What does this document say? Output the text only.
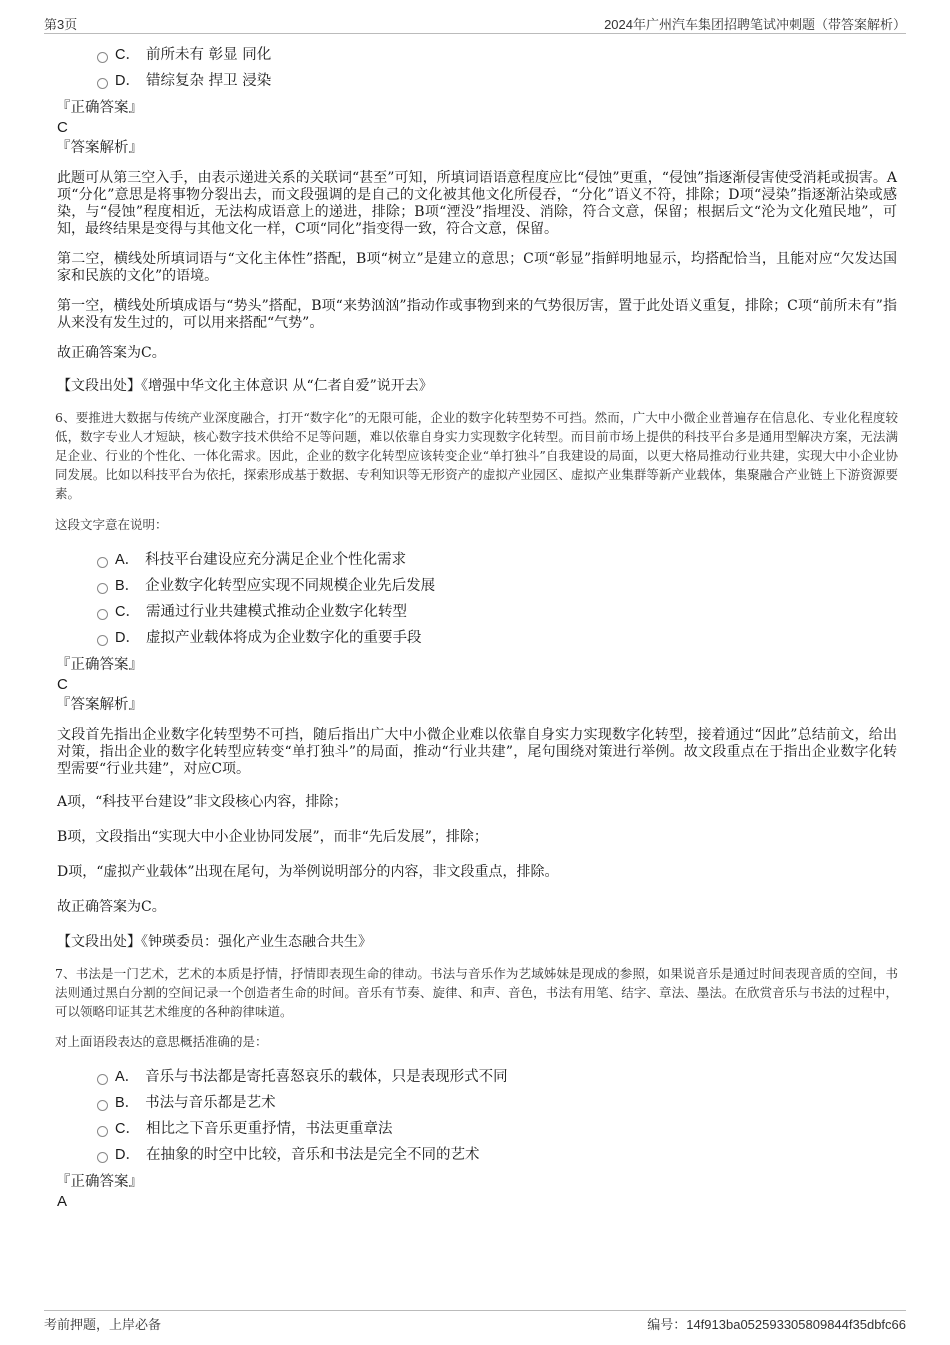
第3页	2024年广州汽车集团招聘笔试冲刺题（带答案解析）
C． 前所未有 彰显 同化
D． 错综复杂 捍卫 浸染
『正确答案』
C
『答案解析』
此题可从第三空入手，由表示递进关系的关联词“甚至”可知，所填词语语意程度应比“侵蚀”更重，“侵蚀”指逐渐侵害使受消耗或损害。A项“分化”意思是将事物分裂出去，而文段强调的是自己的文化被其他文化所侵吞，“分化”语义不符，排除；D项“浸染”指逐渐沾染或感染，与“侵蚀”程度相近，无法构成语意上的递进，排除；B项“湮没”指埋没、消除，符合文意，保留；根据后文“沦为文化殖民地”，可知，最终结果是变得与其他文化一样，C项“同化”指变得一致，符合文意，保留。
第二空，横线处所填词语与“文化主体性”搭配，B项“树立”是建立的意思；C项“彰显”指鲜明地显示，均搭配恰当，且能对应“欠发达国家和民族的文化”的语境。
第一空，横线处所填成语与“势头”搭配，B项“来势汹汹”指动作或事物到来的气势很厉害，置于此处语义重复，排除；C项“前所未有”指从来没有发生过的，可以用来搭配“气势”。
故正确答案为C。
【文段出处】《增强中华文化主体意识 从“仁者自爱”说开去》
6、要推进大数据与传统产业深度融合，打开“数字化”的无限可能，企业的数字化转型势不可挡。然而，广大中小微企业普遍存在信息化、专业化程度较低，数字专业人才短缺，核心数字技术供给不足等问题，难以依靠自身实力实现数字化转型。而目前市场上提供的科技平台多是通用型解决方案，无法满足企业、行业的个性化、一体化需求。因此，企业的数字化转型应该转变企业“单打独斗”自我建设的局面，以更大格局推动行业共建，实现大中小企业协同发展。比如以科技平台为依托，探索形成基于数据、专利知识等无形资产的虚拟产业园区、虚拟产业集群等新产业载体，集聚融合产业链上下游资源要素。
这段文字意在说明：
A． 科技平台建设应充分满足企业个性化需求
B． 企业数字化转型应实现不同规模企业先后发展
C． 需通过行业共建模式推动企业数字化转型
D． 虚拟产业载体将成为企业数字化的重要手段
『正确答案』
C
『答案解析』
文段首先指出企业数字化转型势不可挡，随后指出广大中小微企业难以依靠自身实力实现数字化转型，接着通过“因此”总结前文，给出对策，指出企业的数字化转型应转变“单打独斗”的局面，推动“行业共建”，尾句围绕对策进行举例。故文段重点在于指出企业数字化转型需要“行业共建”，对应C项。
A项，“科技平台建设”非文段核心内容，排除；
B项，文段指出“实现大中小企业协同发展”，而非“先后发展”，排除；
D项，“虚拟产业载体”出现在尾句，为举例说明部分的内容，非文段重点，排除。
故正确答案为C。
【文段出处】《钟瑛委员：强化产业生态融合共生》
7、书法是一门艺术，艺术的本质是抒情，抒情即表现生命的律动。书法与音乐作为艺域姊妹是现成的参照，如果说音乐是通过时间表现音质的空间，书法则通过黑白分割的空间记录一个创造者生命的时间。音乐有节奏、旋律、和声、音色，书法有用笔、结字、章法、墨法。在欣赏音乐与书法的过程中，可以领略印证其艺术维度的各种韵律味道。
对上面语段表达的意思概括准确的是：
A． 音乐与书法都是寄托喜怒哀乐的载体，只是表现形式不同
B． 书法与音乐都是艺术
C． 相比之下音乐更重抒情，书法更重章法
D． 在抽象的时空中比较，音乐和书法是完全不同的艺术
『正确答案』
A
考前押题，上岸必备	编号：14f913ba052593305809844f35dbfc66
